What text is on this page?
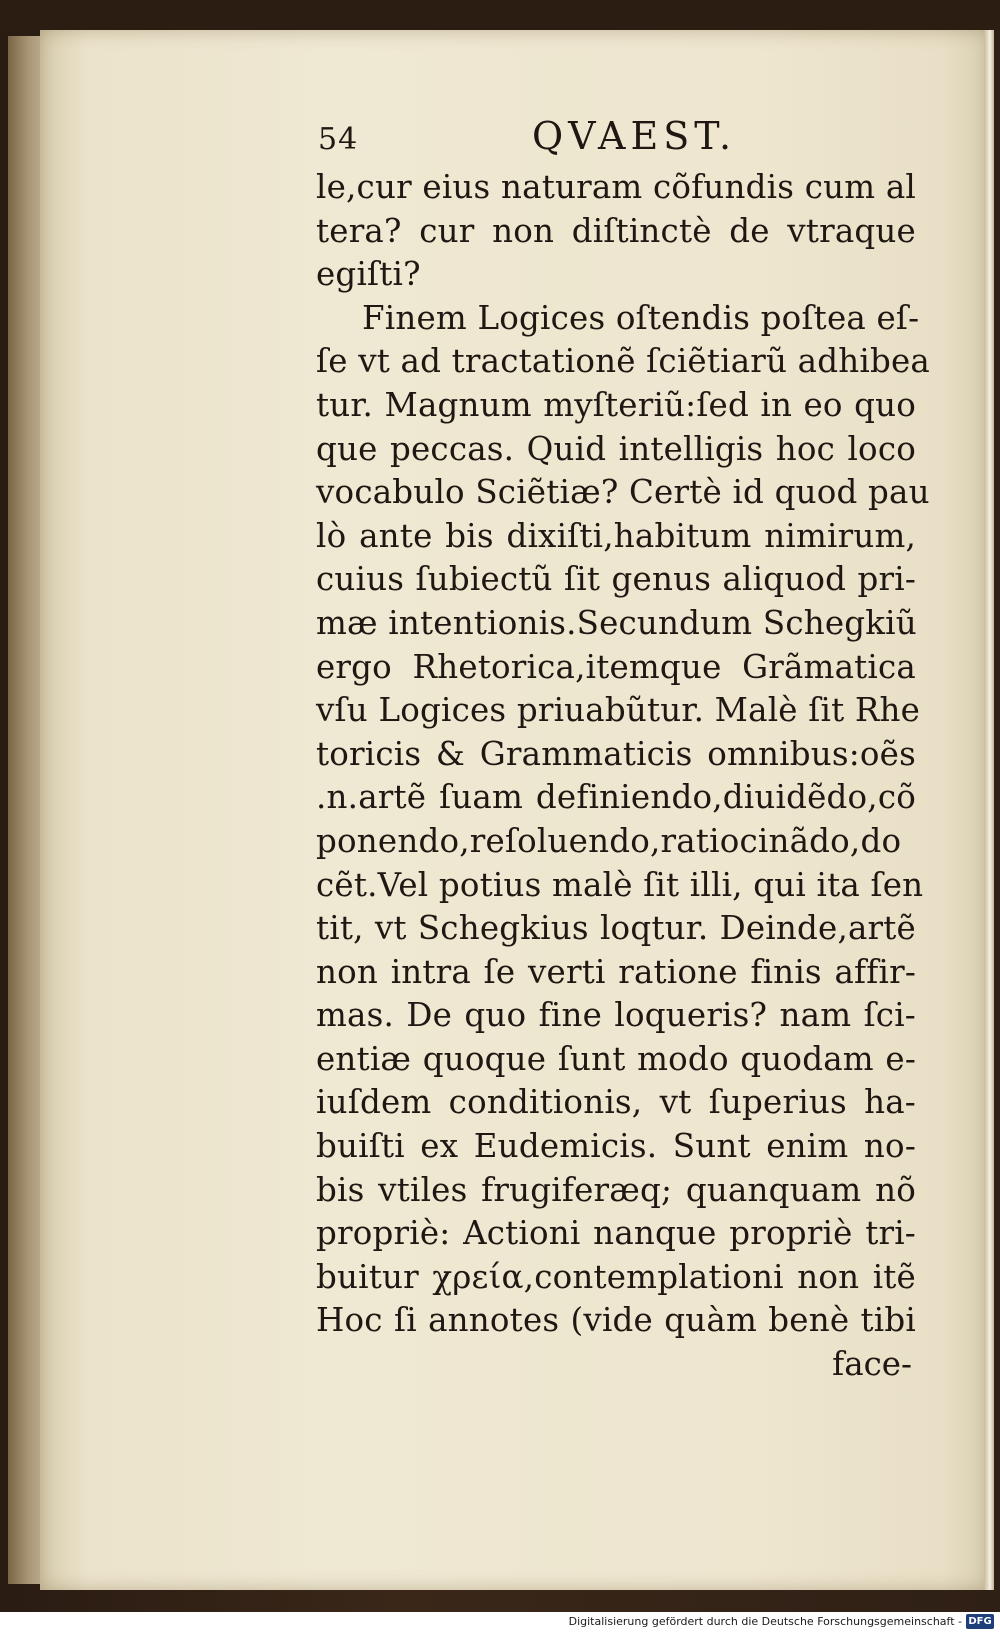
54	QVAEST.
le,cur eius naturam cõfundis cum al
tera? cur non diſtinctè de vtraque
egiſti?
Finem Logices oſtendis poſtea eſ-
ſe vt ad tractationẽ ſciẽtiarũ adhibea
tur. Magnum myſteriũ:ſed in eo quo
que peccas. Quid intelligis hoc loco
vocabulo Sciẽtiæ? Certè id quod pau
lò ante bis dixiſti,habitum nimirum,
cuius ſubiectũ ſit genus aliquod pri-
mæ intentionis.Secundum Schegkiũ
ergo Rhetorica,itemque Grãmatica
vſu Logices priuabũtur. Malè ſit Rhe
toricis & Grammaticis omnibus:oẽs
.n.artẽ ſuam definiendo,diuidẽdo,cõ
ponendo,reſoluendo,ratiocinãdo,do
cẽt.Vel potius malè ſit illi, qui ita ſen
tit, vt Schegkius loqtur. Deinde,artẽ
non intra ſe verti ratione finis affir-
mas. De quo fine loqueris? nam ſci-
entiæ quoque ſunt modo quodam e-
iuſdem conditionis, vt ſuperius ha-
buiſti ex Eudemicis. Sunt enim no-
bis vtiles frugiferæq; quanquam nõ
propriè: Actioni nanque propriè tri-
buitur χρεία,contemplationi non itẽ
Hoc ſi annotes (vide quàm benè tibi
face-
Digitalisierung gefördert durch die Deutsche Forschungsgemeinschaft - DFG
